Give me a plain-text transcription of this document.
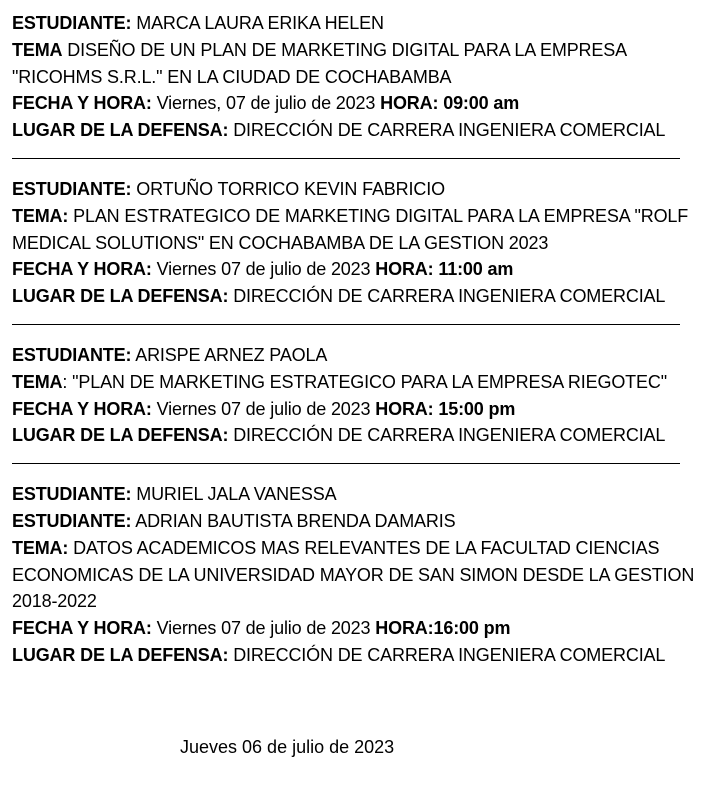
ESTUDIANTE: MARCA LAURA ERIKA HELEN
TEMA DISEÑO DE UN PLAN DE MARKETING DIGITAL PARA LA EMPRESA
"RICOHMS S.R.L." EN LA CIUDAD DE COCHABAMBA
FECHA Y HORA: Viernes, 07 de julio de 2023 HORA: 09:00 am
LUGAR DE LA DEFENSA: DIRECCIÓN DE CARRERA INGENIERA COMERCIAL
ESTUDIANTE: ORTUÑO TORRICO KEVIN FABRICIO
TEMA: PLAN ESTRATEGICO DE MARKETING DIGITAL PARA LA EMPRESA "ROLF
MEDICAL SOLUTIONS" EN COCHABAMBA DE LA GESTION 2023
FECHA Y HORA: Viernes 07 de julio de 2023 HORA: 11:00 am
LUGAR DE LA DEFENSA: DIRECCIÓN DE CARRERA INGENIERA COMERCIAL
ESTUDIANTE: ARISPE ARNEZ PAOLA
TEMA: "PLAN DE MARKETING ESTRATEGICO PARA LA EMPRESA RIEGOTEC"
FECHA Y HORA: Viernes 07 de julio de 2023 HORA: 15:00 pm
LUGAR DE LA DEFENSA: DIRECCIÓN DE CARRERA INGENIERA COMERCIAL
ESTUDIANTE: MURIEL JALA VANESSA
ESTUDIANTE: ADRIAN BAUTISTA BRENDA DAMARIS
TEMA: DATOS ACADEMICOS MAS RELEVANTES DE LA FACULTAD CIENCIAS
ECONOMICAS DE LA UNIVERSIDAD MAYOR DE SAN SIMON DESDE LA GESTION
2018-2022
FECHA Y HORA: Viernes 07 de julio de 2023 HORA:16:00 pm
LUGAR DE LA DEFENSA: DIRECCIÓN DE CARRERA INGENIERA COMERCIAL
Jueves 06 de julio de 2023
